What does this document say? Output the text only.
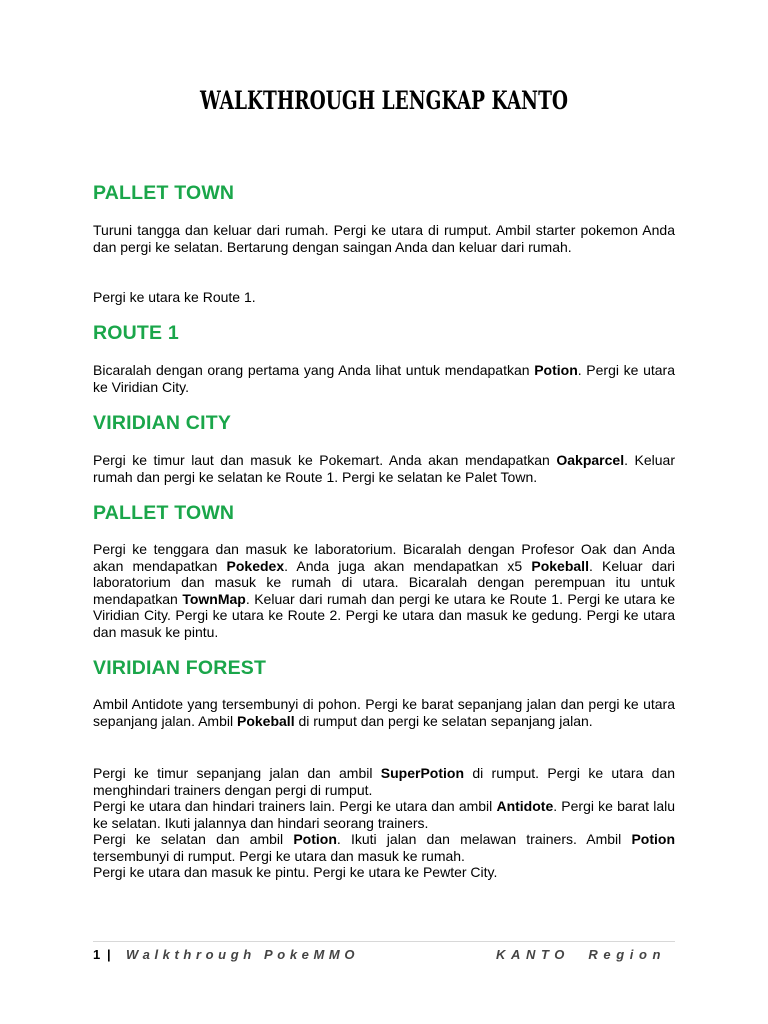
WALKTHROUGH LENGKAP KANTO
PALLET TOWN

Turuni tangga dan keluar dari rumah. Pergi ke utara di rumput. Ambil starter pokemon Anda dan pergi ke selatan. Bertarung dengan saingan Anda dan keluar dari rumah.

Pergi ke utara ke Route 1.

ROUTE 1

Bicaralah dengan orang pertama yang Anda lihat untuk mendapatkan Potion. Pergi ke utara ke Viridian City.

VIRIDIAN CITY

Pergi ke timur laut dan masuk ke Pokemart. Anda akan mendapatkan Oakparcel. Keluar rumah dan pergi ke selatan ke Route 1. Pergi ke selatan ke Palet Town.

PALLET TOWN

Pergi ke tenggara dan masuk ke laboratorium. Bicaralah dengan Profesor Oak dan Anda akan mendapatkan Pokedex. Anda juga akan mendapatkan x5 Pokeball. Keluar dari laboratorium dan masuk ke rumah di utara. Bicaralah dengan perempuan itu untuk mendapatkan TownMap. Keluar dari rumah dan pergi ke utara ke Route 1. Pergi ke utara ke Viridian City. Pergi ke utara ke Route 2. Pergi ke utara dan masuk ke gedung. Pergi ke utara dan masuk ke pintu.

VIRIDIAN FOREST

Ambil Antidote yang tersembunyi di pohon. Pergi ke barat sepanjang jalan dan pergi ke utara sepanjang jalan. Ambil Pokeball di rumput dan pergi ke selatan sepanjang jalan.

Pergi ke timur sepanjang jalan dan ambil SuperPotion di rumput. Pergi ke utara dan menghindari trainers dengan pergi di rumput.
Pergi ke utara dan hindari trainers lain. Pergi ke utara dan ambil Antidote. Pergi ke barat lalu ke selatan. Ikuti jalannya dan hindari seorang trainers.
Pergi ke selatan dan ambil Potion. Ikuti jalan dan melawan trainers. Ambil Potion tersembunyi di rumput. Pergi ke utara dan masuk ke rumah.
Pergi ke utara dan masuk ke pintu. Pergi ke utara ke Pewter City.

1 | Walkthrough PokeMMO	KANTO  Region
